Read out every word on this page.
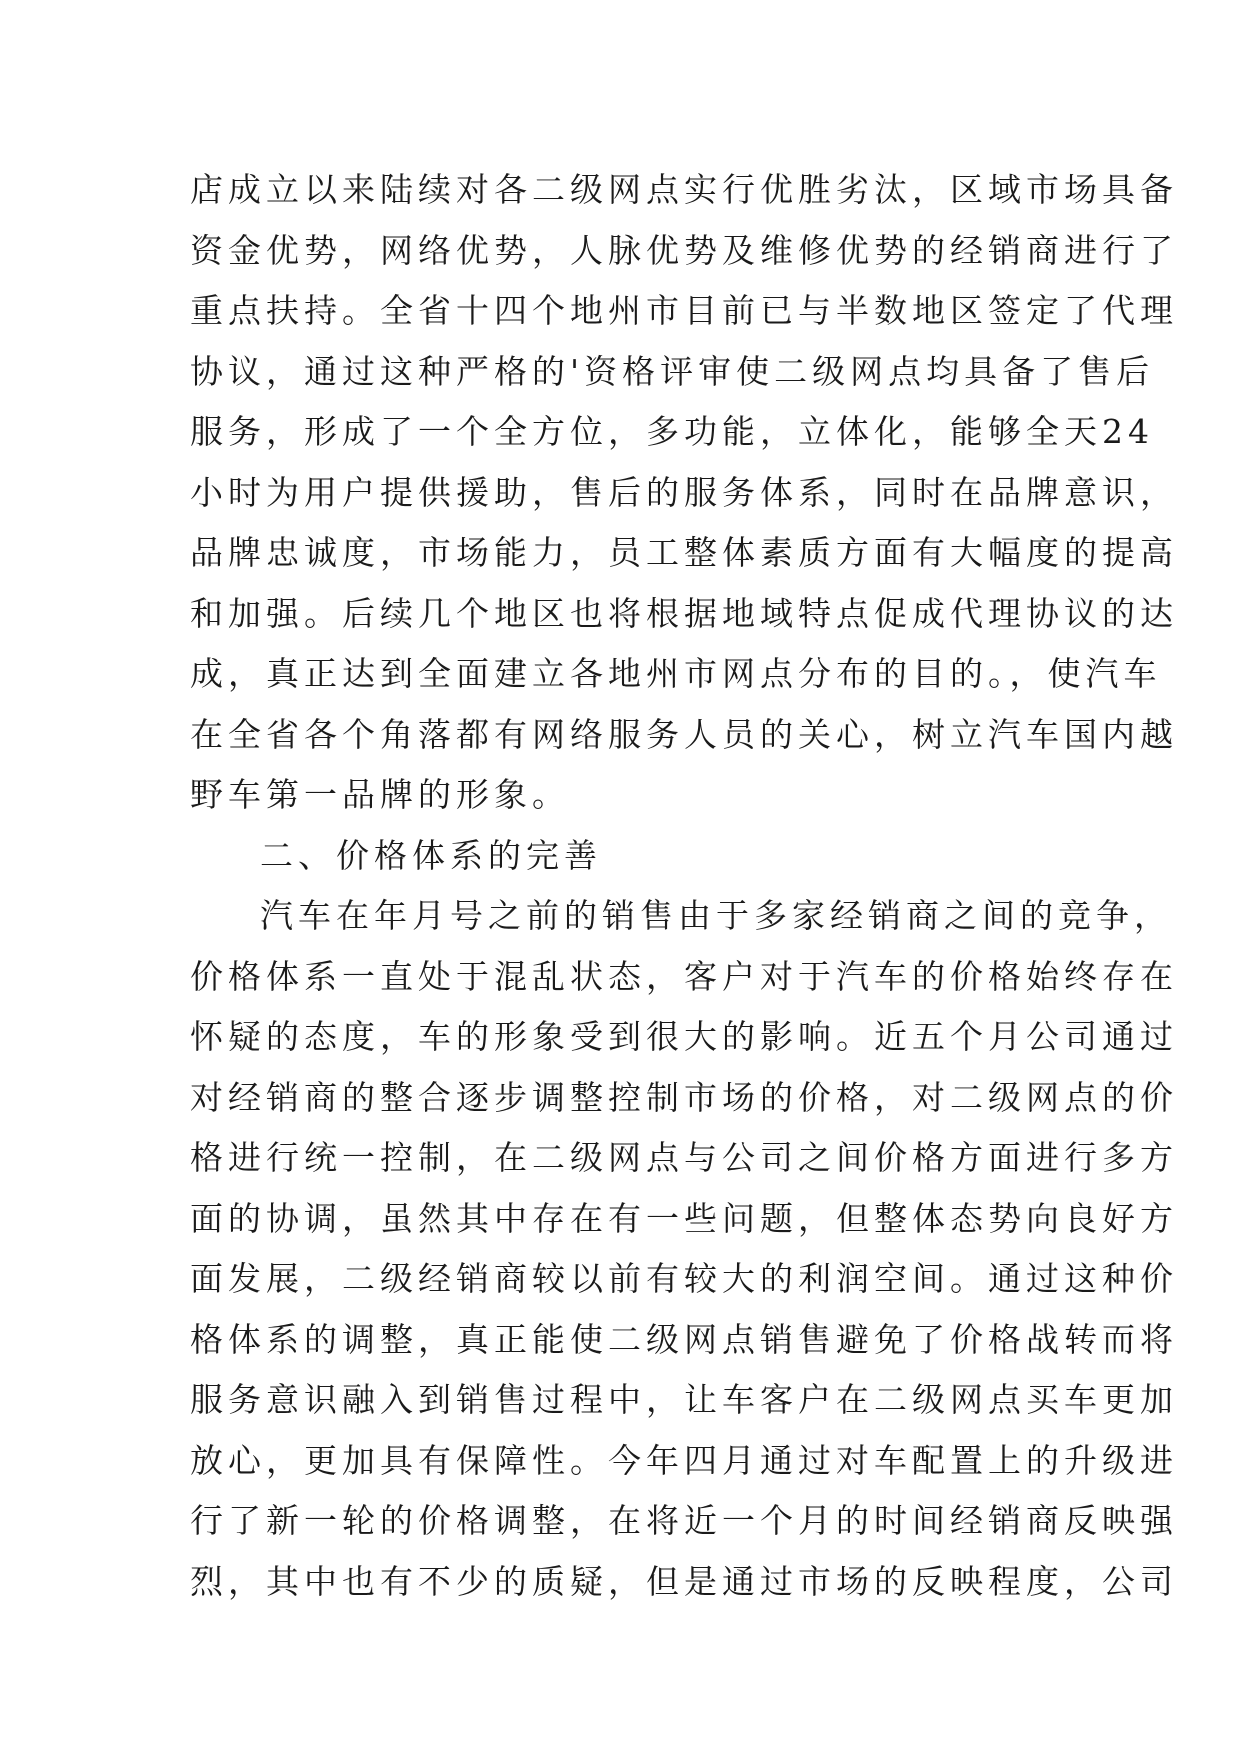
店成立以来陆续对各二级网点实行优胜劣汰，区域市场具备
资金优势，网络优势，人脉优势及维修优势的经销商进行了
重点扶持。全省十四个地州市目前已与半数地区签定了代理
协议，通过这种严格的'资格评审使二级网点均具备了售后
服务，形成了一个全方位，多功能，立体化，能够全天24
小时为用户提供援助，售后的服务体系，同时在品牌意识，
品牌忠诚度，市场能力，员工整体素质方面有大幅度的提高
和加强。后续几个地区也将根据地域特点促成代理协议的达
成，真正达到全面建立各地州市网点分布的目的。，使汽车
在全省各个角落都有网络服务人员的关心，树立汽车国内越
野车第一品牌的形象。
二、价格体系的完善
汽车在年月号之前的销售由于多家经销商之间的竞争，
价格体系一直处于混乱状态，客户对于汽车的价格始终存在
怀疑的态度，车的形象受到很大的影响。近五个月公司通过
对经销商的整合逐步调整控制市场的价格，对二级网点的价
格进行统一控制，在二级网点与公司之间价格方面进行多方
面的协调，虽然其中存在有一些问题，但整体态势向良好方
面发展，二级经销商较以前有较大的利润空间。通过这种价
格体系的调整，真正能使二级网点销售避免了价格战转而将
服务意识融入到销售过程中，让车客户在二级网点买车更加
放心，更加具有保障性。今年四月通过对车配置上的升级进
行了新一轮的价格调整，在将近一个月的时间经销商反映强
烈，其中也有不少的质疑，但是通过市场的反映程度，公司
